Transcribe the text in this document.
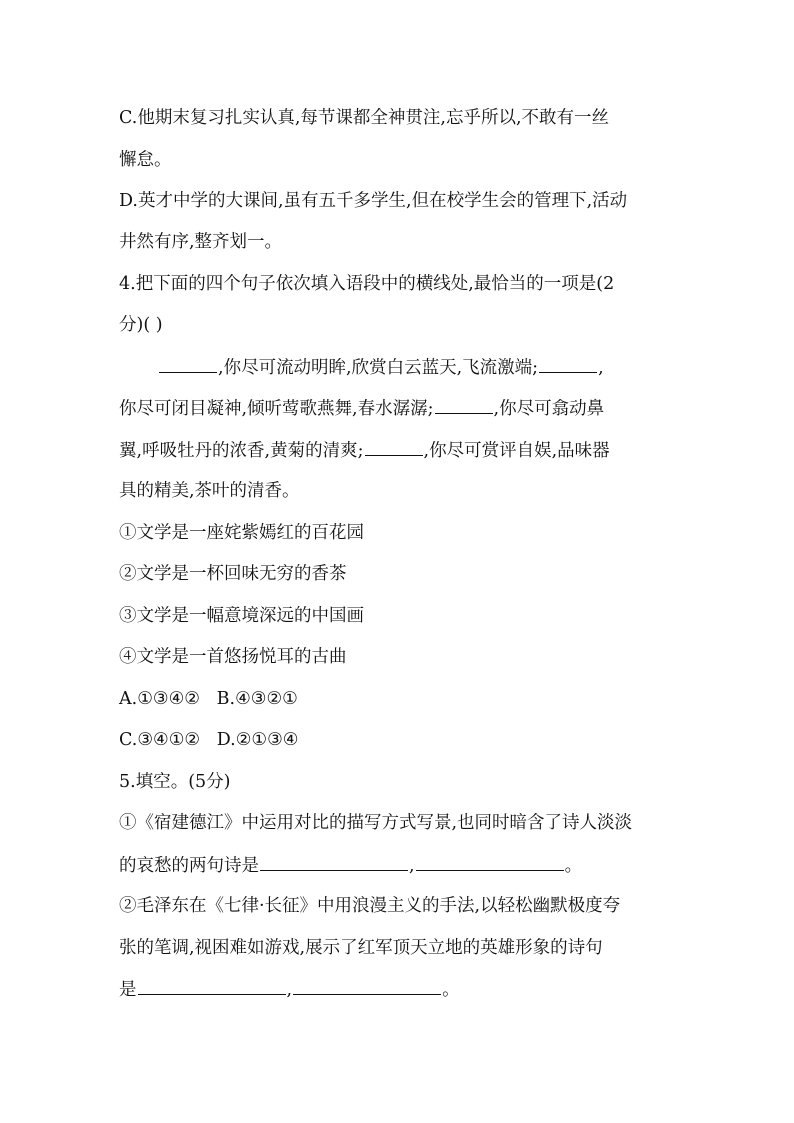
C.他期末复习扎实认真,每节课都全神贯注,忘乎所以,不敢有一丝
懈怠。
D.英才中学的大课间,虽有五千多学生,但在校学生会的管理下,活动
井然有序,整齐划一。
4.把下面的四个句子依次填入语段中的横线处,最恰当的一项是(2
分)( )
,你尽可流动明眸,欣赏白云蓝天,飞流激端;	,
你尽可闭目凝神,倾听莺歌燕舞,春水潺潺;	,你尽可翕动鼻
翼,呼吸牡丹的浓香,黄菊的清爽;	,你尽可赏评自娱,品味器
具的精美,茶叶的清香。
①文学是一座姹紫嫣红的百花园
②文学是一杯回味无穷的香茶
③文学是一幅意境深远的中国画
④文学是一首悠扬悦耳的古曲
A.①③④②   B.④③②①
C.③④①②   D.②①③④
5.填空。(5分)
①《宿建德江》中运用对比的描写方式写景,也同时暗含了诗人淡淡
的哀愁的两句诗是	,	。
②毛泽东在《七律·长征》中用浪漫主义的手法,以轻松幽默极度夸
张的笔调,视困难如游戏,展示了红军顶天立地的英雄形象的诗句
是	,	。
